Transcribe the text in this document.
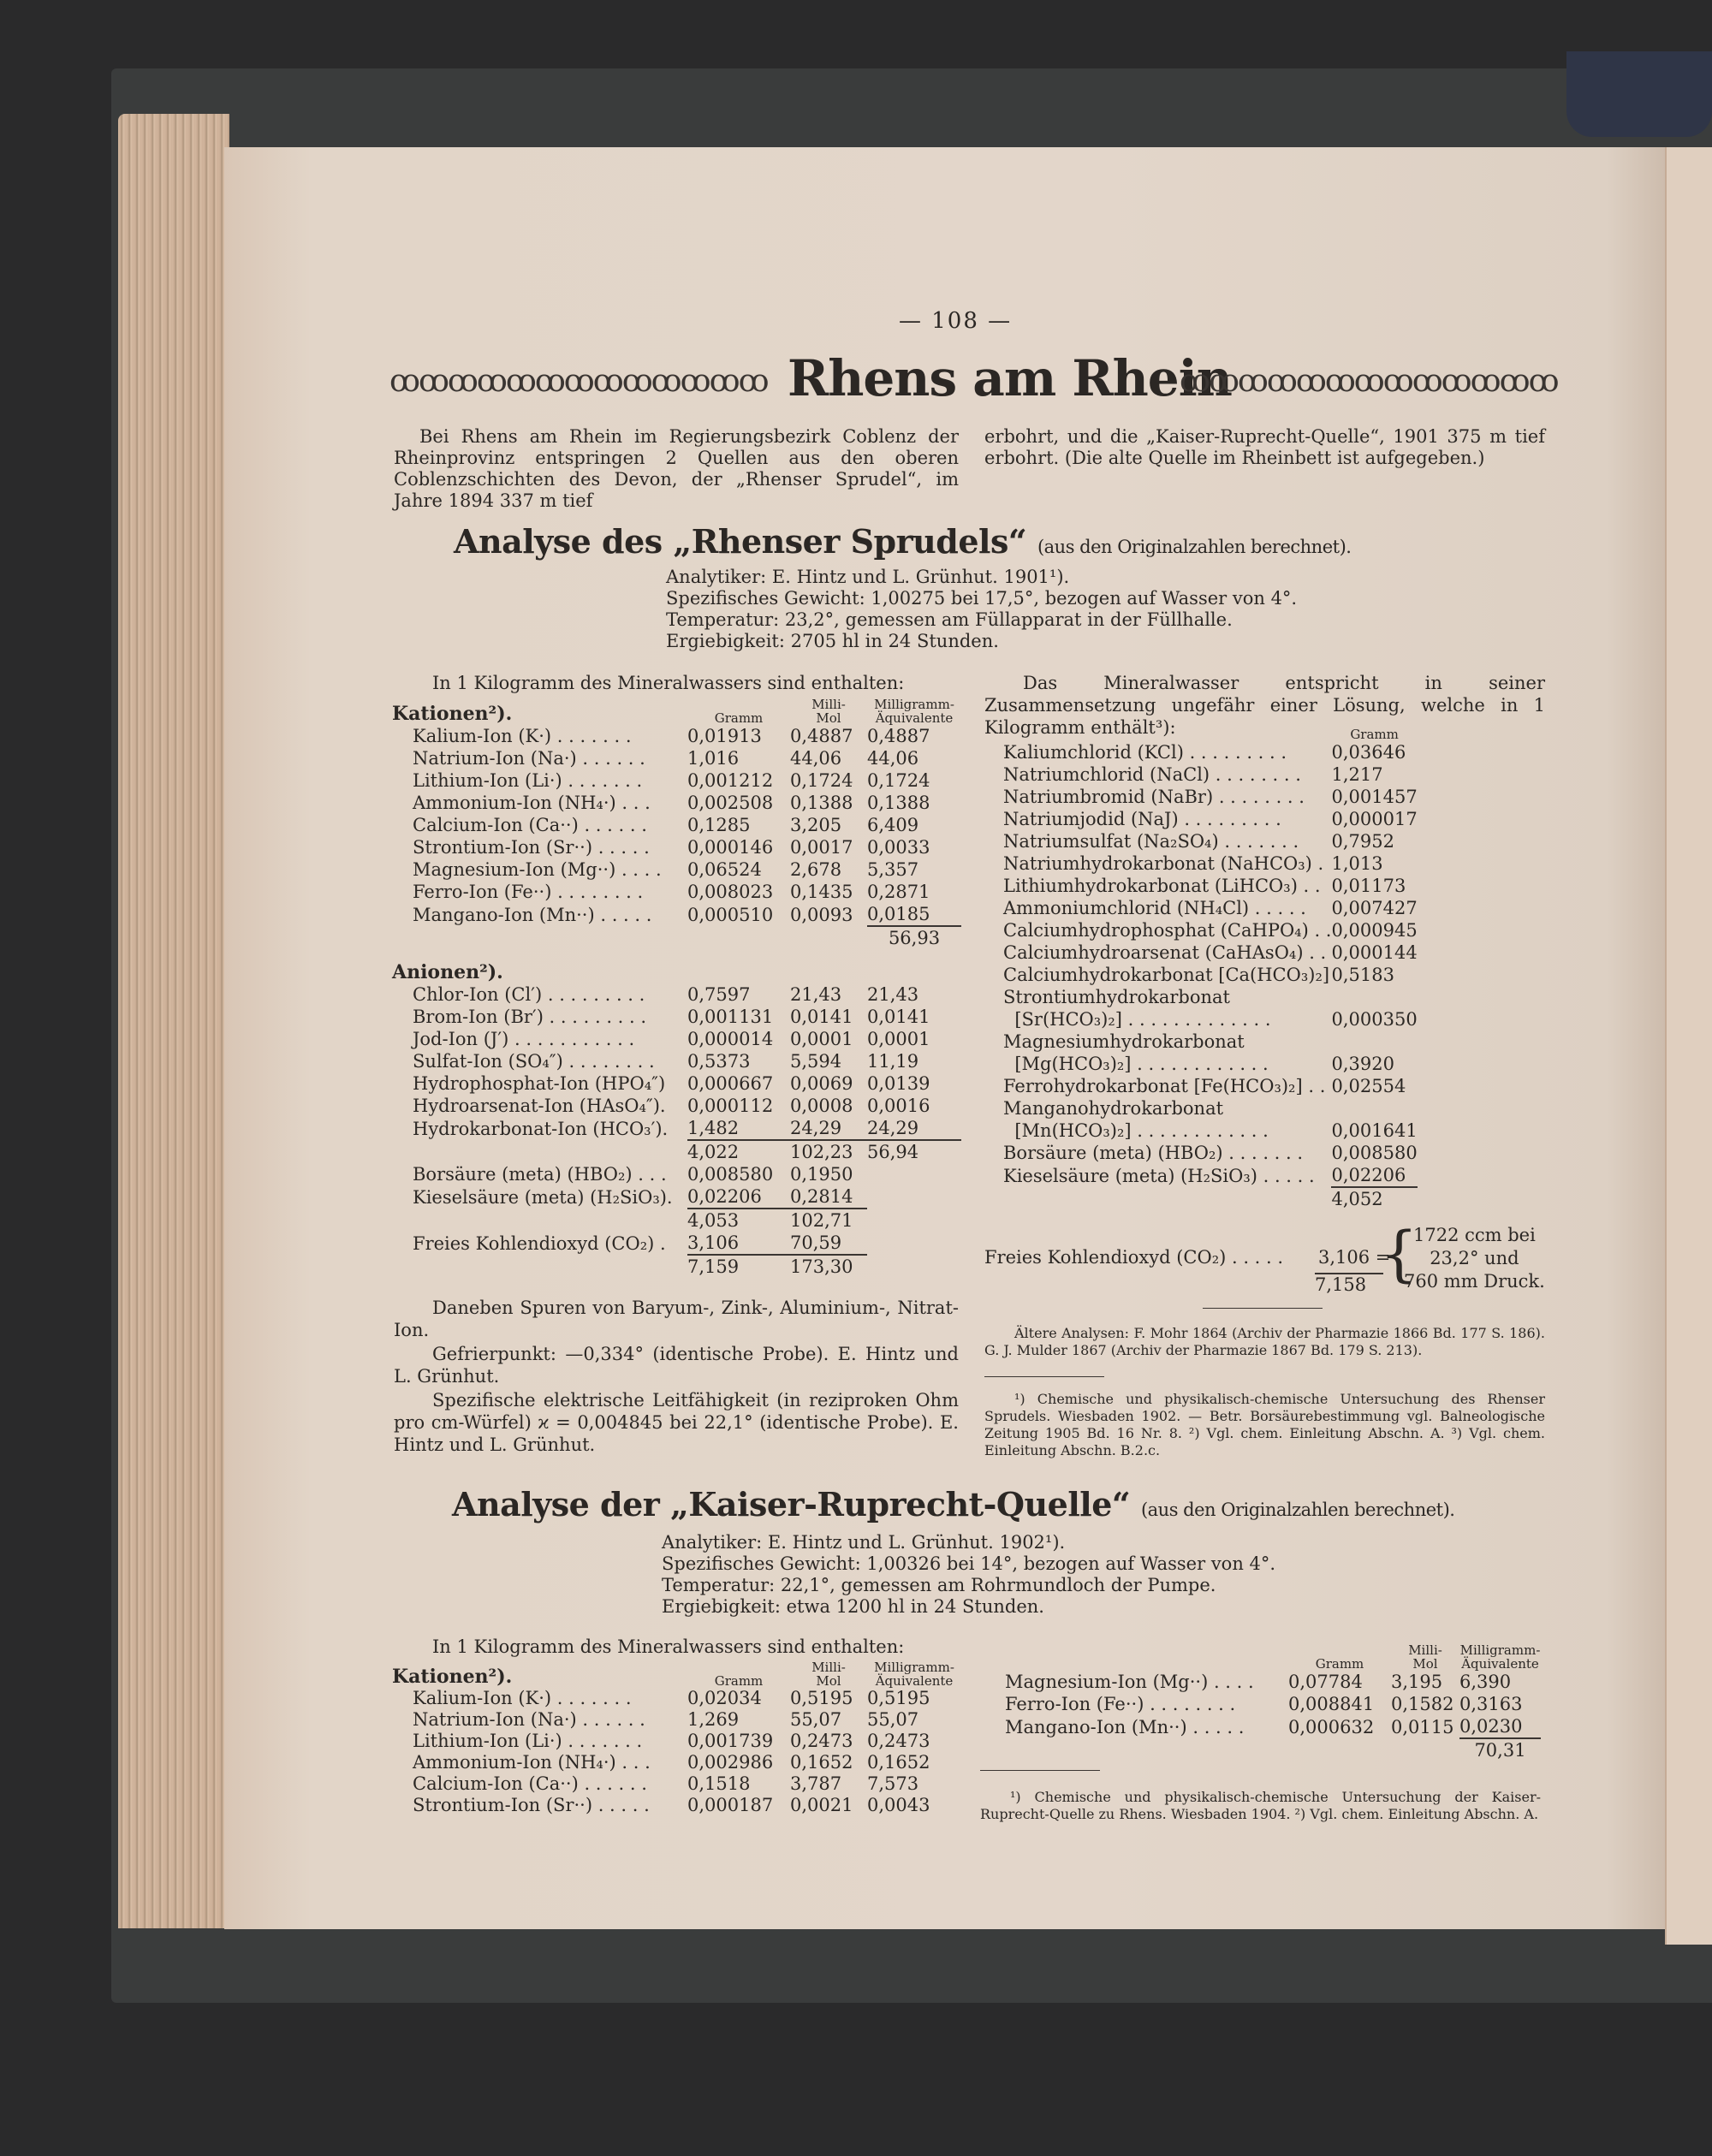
— 108 —
ꝏꝏꝏꝏꝏꝏꝏꝏꝏꝏꝏꝏꝏ Rhens am Rhein
ꝏꝏꝏꝏꝏꝏꝏꝏꝏꝏꝏꝏꝏ
Bei Rhens am Rhein im Regierungsbezirk Coblenz der Rheinprovinz entspringen 2 Quellen aus den oberen Coblenzschichten des Devon, der „Rhenser Sprudel“, im Jahre 1894 337 m tief
erbohrt, und die „Kaiser-Ruprecht-Quelle“, 1901 375 m tief erbohrt. (Die alte Quelle im Rheinbett ist aufgegeben.)
Analyse des „Rhenser Sprudels“ (aus den Originalzahlen berechnet).
Analytiker: E. Hintz und L. Grünhut. 1901¹).
Spezifisches Gewicht: 1,00275 bei 17,5°, bezogen auf Wasser von 4°.
Temperatur: 23,2°, gemessen am Füllapparat in der Füllhalle.
Ergiebigkeit: 2705 hl in 24 Stunden.
In 1 Kilogramm des Mineralwassers sind enthalten:
Kationen²).	Gramm	Milli-
Mol	Milligramm-
Äquivalente
Kalium-Ion (K·) . . . . . . .	0,01913	0,4887	0,4887
Natrium-Ion (Na·) . . . . . .	1,016	44,06	44,06
Lithium-Ion (Li·) . . . . . . .	0,001212	0,1724	0,1724
Ammonium-Ion (NH₄·) . . .	0,002508	0,1388	0,1388
Calcium-Ion (Ca··) . . . . . .	0,1285	3,205	6,409
Strontium-Ion (Sr··) . . . . .	0,000146	0,0017	0,0033
Magnesium-Ion (Mg··) . . . .	0,06524	2,678	5,357
Ferro-Ion (Fe··) . . . . . . . .	0,008023	0,1435	0,2871
Mangano-Ion (Mn··) . . . . .	0,000510	0,0093	0,0185
			56,93
Anionen²).			
Chlor-Ion (Cl′) . . . . . . . . .	0,7597	21,43	21,43
Brom-Ion (Br′) . . . . . . . . .	0,001131	0,0141	0,0141
Jod-Ion (J′) . . . . . . . . . . .	0,000014	0,0001	0,0001
Sulfat-Ion (SO₄″) . . . . . . . .	0,5373	5,594	11,19
Hydrophosphat-Ion (HPO₄″)	0,000667	0,0069	0,0139
Hydroarsenat-Ion (HAsO₄″).	0,000112	0,0008	0,0016
Hydrokarbonat-Ion (HCO₃′).	1,482	24,29	24,29
	4,022	102,23	56,94
Borsäure (meta) (HBO₂) . . .	0,008580	0,1950	
Kieselsäure (meta) (H₂SiO₃).	0,02206	0,2814	
	4,053	102,71	
Freies Kohlendioxyd (CO₂) .	3,106	70,59	
	7,159	173,30	
Daneben Spuren von Baryum-, Zink-, Aluminium-, Nitrat-Ion.
Gefrierpunkt: —0,334° (identische Probe). E. Hintz und L. Grünhut.
Spezifische elektrische Leitfähigkeit (in reziproken Ohm pro cm-Würfel) ϰ = 0,004845 bei 22,1° (identische Probe). E. Hintz und L. Grünhut.
Das Mineralwasser entspricht in seiner Zusammensetzung ungefähr einer Lösung, welche in 1 Kilogramm enthält³):
		Gramm
Kaliumchlorid (KCl) . . . . . . . . .	0,03646
Natriumchlorid (NaCl) . . . . . . . .	1,217
Natriumbromid (NaBr) . . . . . . . .	0,001457
Natriumjodid (NaJ) . . . . . . . . .	0,000017
Natriumsulfat (Na₂SO₄) . . . . . . .	0,7952
Natriumhydrokarbonat (NaHCO₃) .	1,013
Lithiumhydrokarbonat (LiHCO₃) . .	0,01173
Ammoniumchlorid (NH₄Cl) . . . . .	0,007427
Calciumhydrophosphat (CaHPO₄) . .	0,000945
Calciumhydroarsenat (CaHAsO₄) . .	0,000144
Calciumhydrokarbonat [Ca(HCO₃)₂]	0,5183
Strontiumhydrokarbonat	
[Sr(HCO₃)₂] . . . . . . . . . . . . .	0,000350
Magnesiumhydrokarbonat	
[Mg(HCO₃)₂] . . . . . . . . . . . .	0,3920
Ferrohydrokarbonat [Fe(HCO₃)₂] . .	0,02554
Manganohydrokarbonat	
[Mn(HCO₃)₂] . . . . . . . . . . . .	0,001641
Borsäure (meta) (HBO₂) . . . . . . .	0,008580
Kieselsäure (meta) (H₂SiO₃) . . . . .	0,02206
	4,052
Freies Kohlendioxyd (CO₂) . . . . . 3,106 =
7,158 {
1722 ccm bei
23,2° und
760 mm Druck.
Ältere Analysen: F. Mohr 1864 (Archiv der Pharmazie 1866 Bd. 177 S. 186). G. J. Mulder 1867 (Archiv der Pharmazie 1867 Bd. 179 S. 213).
¹) Chemische und physikalisch-chemische Untersuchung des Rhenser Sprudels. Wiesbaden 1902. — Betr. Borsäurebestimmung vgl. Balneologische Zeitung 1905 Bd. 16 Nr. 8. ²) Vgl. chem. Einleitung Abschn. A. ³) Vgl. chem. Einleitung Abschn. B.2.c.
Analyse der „Kaiser-Ruprecht-Quelle“ (aus den Originalzahlen berechnet).
Analytiker: E. Hintz und L. Grünhut. 1902¹).
Spezifisches Gewicht: 1,00326 bei 14°, bezogen auf Wasser von 4°.
Temperatur: 22,1°, gemessen am Rohrmundloch der Pumpe.
Ergiebigkeit: etwa 1200 hl in 24 Stunden.
In 1 Kilogramm des Mineralwassers sind enthalten:
Kationen²).	Gramm	Milli-
Mol	Milligramm-
Äquivalente
Kalium-Ion (K·) . . . . . . .	0,02034	0,5195	0,5195
Natrium-Ion (Na·) . . . . . .	1,269	55,07	55,07
Lithium-Ion (Li·) . . . . . . .	0,001739	0,2473	0,2473
Ammonium-Ion (NH₄·) . . .	0,002986	0,1652	0,1652
Calcium-Ion (Ca··) . . . . . .	0,1518	3,787	7,573
Strontium-Ion (Sr··) . . . . .	0,000187	0,0021	0,0043
	Gramm	Milli-
Mol	Milligramm-
Äquivalente
Magnesium-Ion (Mg··) . . . .	0,07784	3,195	6,390
Ferro-Ion (Fe··) . . . . . . . .	0,008841	0,1582	0,3163
Mangano-Ion (Mn··) . . . . .	0,000632	0,0115	0,0230
			70,31
¹) Chemische und physikalisch-chemische Untersuchung der Kaiser-Ruprecht-Quelle zu Rhens. Wiesbaden 1904. ²) Vgl. chem. Einleitung Abschn. A.
